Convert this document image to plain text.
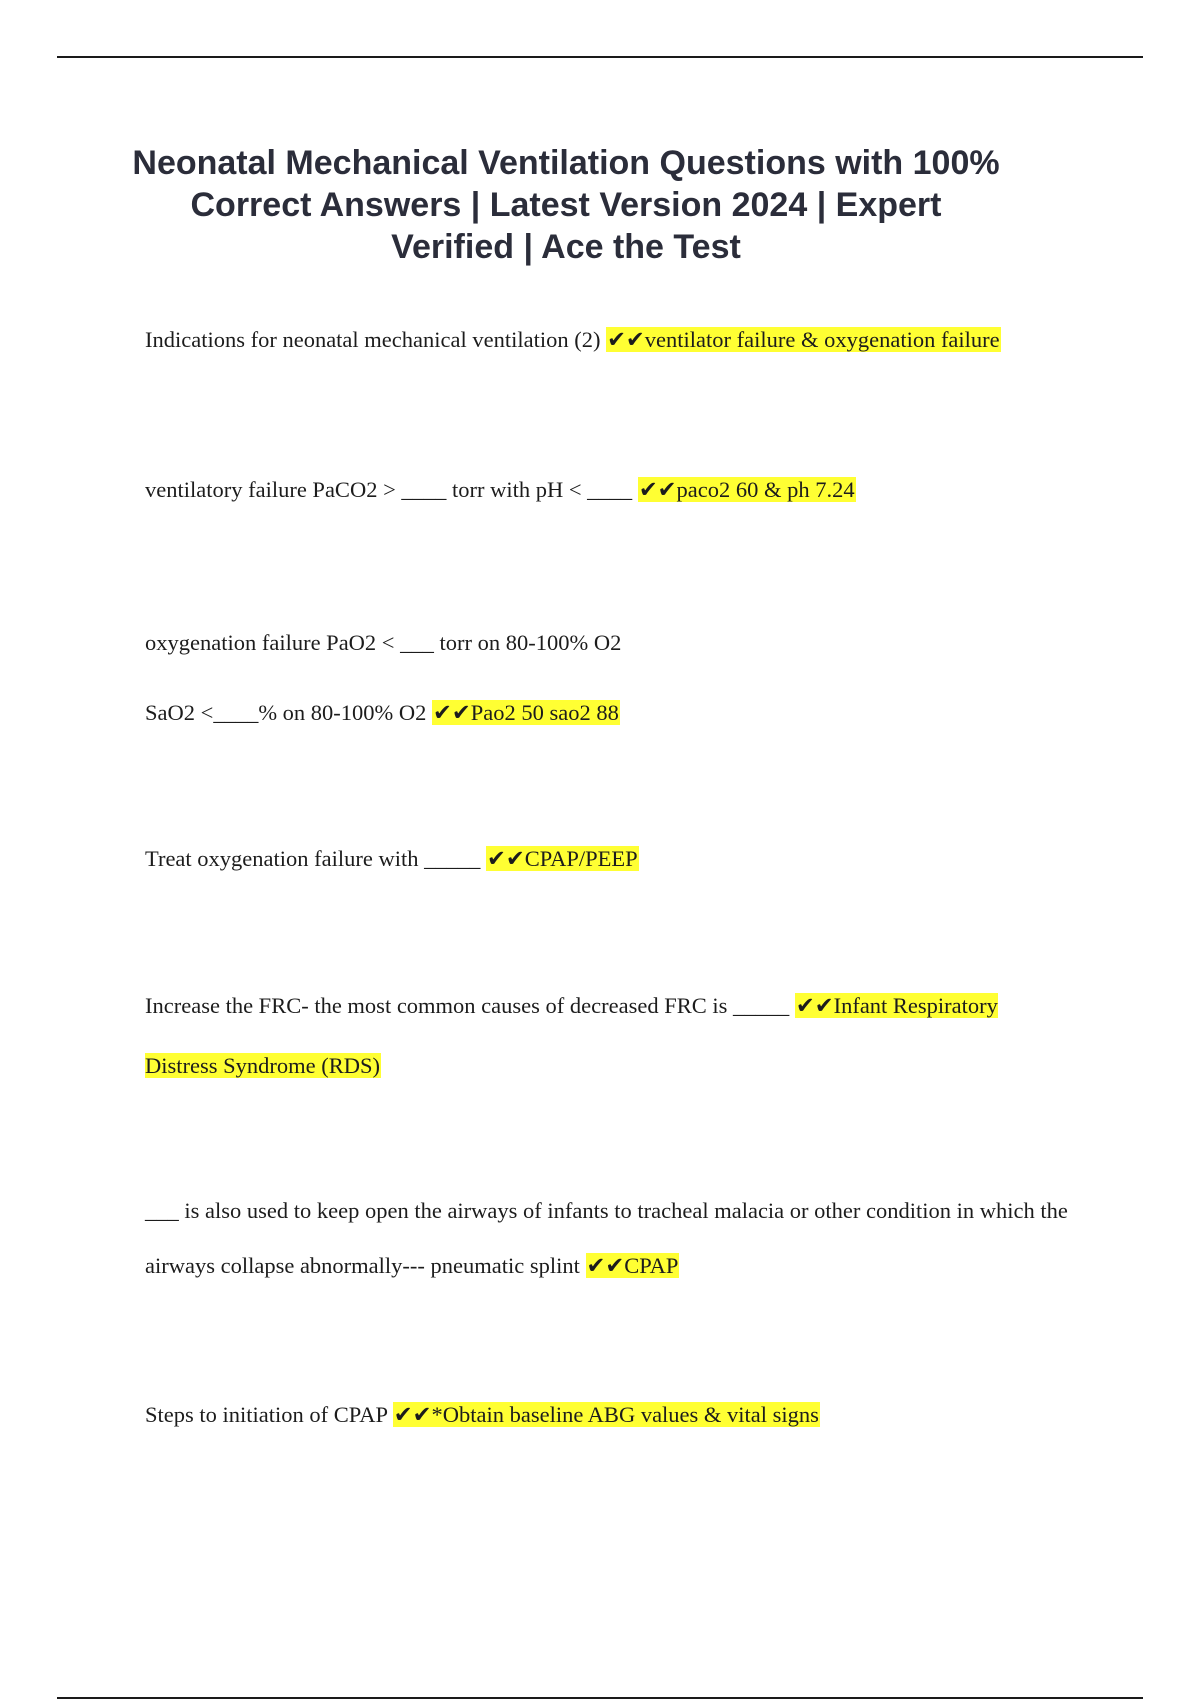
Neonatal Mechanical Ventilation Questions with 100% Correct Answers | Latest Version 2024 | Expert Verified | Ace the Test

Indications for neonatal mechanical ventilation (2) ✔✔ventilator failure & oxygenation failure

ventilatory failure PaCO2 > ____ torr with pH < ____ ✔✔paco2 60 & ph 7.24

oxygenation failure PaO2 < ___ torr on 80-100% O2
SaO2 <____% on 80-100% O2 ✔✔Pao2 50 sao2 88

Treat oxygenation failure with _____ ✔✔CPAP/PEEP

Increase the FRC- the most common causes of decreased FRC is _____ ✔✔Infant Respiratory Distress Syndrome (RDS)

___ is also used to keep open the airways of infants to tracheal malacia or other condition in which the airways collapse abnormally--- pneumatic splint ✔✔CPAP

Steps to initiation of CPAP ✔✔*Obtain baseline ABG values & vital signs
